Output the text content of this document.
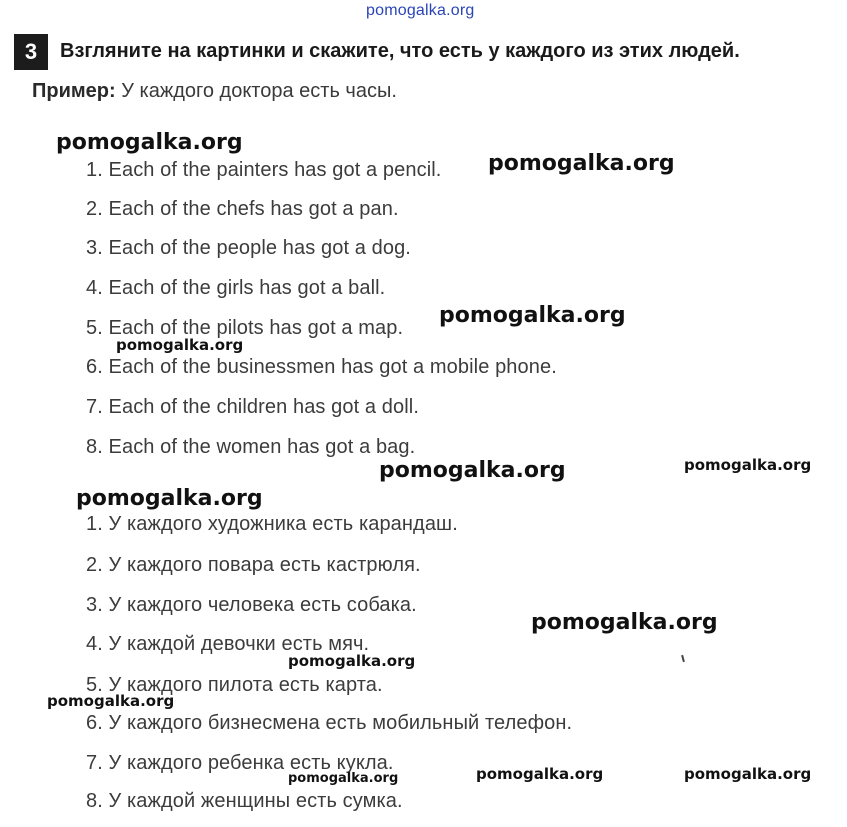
pomogalka.org
3	Взгляните на картинки и скажите, что есть у каждого из этих людей.
Пример: У каждого доктора есть часы.
1. Each of the painters has got a pencil.
2. Each of the chefs has got a pan.
3. Each of the people has got a dog.
4. Each of the girls has got a ball.
5. Each of the pilots has got a map.
6. Each of the businessmen has got a mobile phone.
7. Each of the children has got a doll.
8. Each of the women has got a bag.
1. У каждого художника есть карандаш.
2. У каждого повара есть кастрюля.
3. У каждого человека есть собака.
4. У каждой девочки есть мяч.
5. У каждого пилота есть карта.
6. У каждого бизнесмена есть мобильный телефон.
7. У каждого ребенка есть кукла.
8. У каждой женщины есть сумка.
pomogalka.org
pomogalka.org
pomogalka.org
pomogalka.org
pomogalka.org	pomogalka.org
pomogalka.org
pomogalka.org
pomogalka.org
pomogalka.org
pomogalka.org	pomogalka.org	pomogalka.org
